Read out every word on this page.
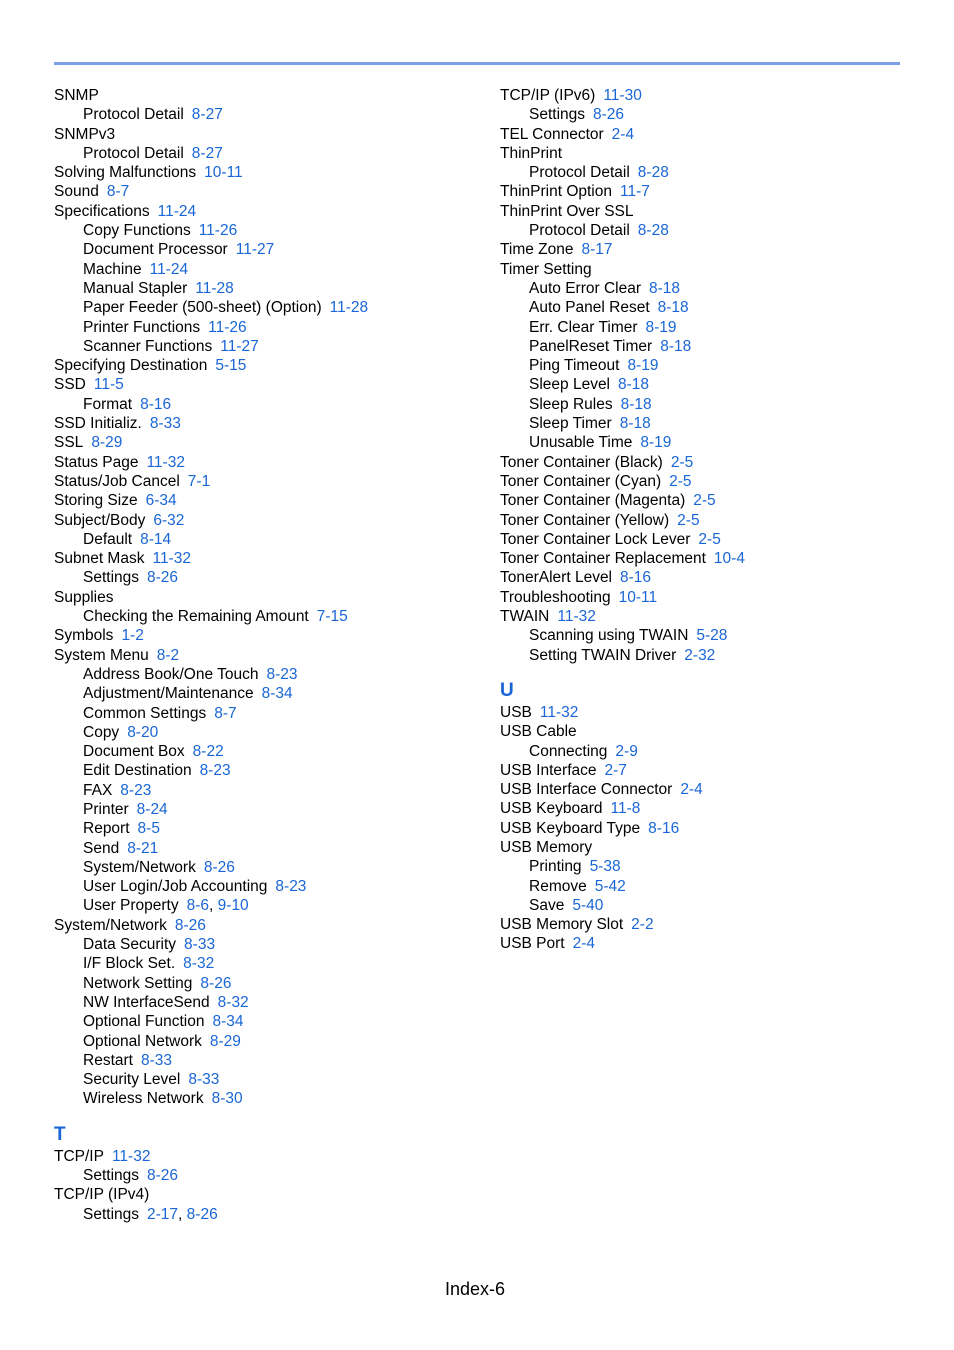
SNMP
Protocol Detail 8-27
SNMPv3
Protocol Detail 8-27
Solving Malfunctions 10-11
Sound 8-7
Specifications 11-24
Copy Functions 11-26
Document Processor 11-27
Machine 11-24
Manual Stapler 11-28
Paper Feeder (500-sheet) (Option) 11-28
Printer Functions 11-26
Scanner Functions 11-27
Specifying Destination 5-15
SSD 11-5
Format 8-16
SSD Initializ. 8-33
SSL 8-29
Status Page 11-32
Status/Job Cancel 7-1
Storing Size 6-34
Subject/Body 6-32
Default 8-14
Subnet Mask 11-32
Settings 8-26
Supplies
Checking the Remaining Amount 7-15
Symbols 1-2
System Menu 8-2
Address Book/One Touch 8-23
Adjustment/Maintenance 8-34
Common Settings 8-7
Copy 8-20
Document Box 8-22
Edit Destination 8-23
FAX 8-23
Printer 8-24
Report 8-5
Send 8-21
System/Network 8-26
User Login/Job Accounting 8-23
User Property 8-6, 9-10
System/Network 8-26
Data Security 8-33
I/F Block Set. 8-32
Network Setting 8-26
NW InterfaceSend 8-32
Optional Function 8-34
Optional Network 8-29
Restart 8-33
Security Level 8-33
Wireless Network 8-30
T
TCP/IP 11-32
Settings 8-26
TCP/IP (IPv4)
Settings 2-17, 8-26
TCP/IP (IPv6) 11-30
Settings 8-26
TEL Connector 2-4
ThinPrint
Protocol Detail 8-28
ThinPrint Option 11-7
ThinPrint Over SSL
Protocol Detail 8-28
Time Zone 8-17
Timer Setting
Auto Error Clear 8-18
Auto Panel Reset 8-18
Err. Clear Timer 8-19
PanelReset Timer 8-18
Ping Timeout 8-19
Sleep Level 8-18
Sleep Rules 8-18
Sleep Timer 8-18
Unusable Time 8-19
Toner Container (Black) 2-5
Toner Container (Cyan) 2-5
Toner Container (Magenta) 2-5
Toner Container (Yellow) 2-5
Toner Container Lock Lever 2-5
Toner Container Replacement 10-4
TonerAlert Level 8-16
Troubleshooting 10-11
TWAIN 11-32
Scanning using TWAIN 5-28
Setting TWAIN Driver 2-32
U
USB 11-32
USB Cable
Connecting 2-9
USB Interface 2-7
USB Interface Connector 2-4
USB Keyboard 11-8
USB Keyboard Type 8-16
USB Memory
Printing 5-38
Remove 5-42
Save 5-40
USB Memory Slot 2-2
USB Port 2-4
Index-6
